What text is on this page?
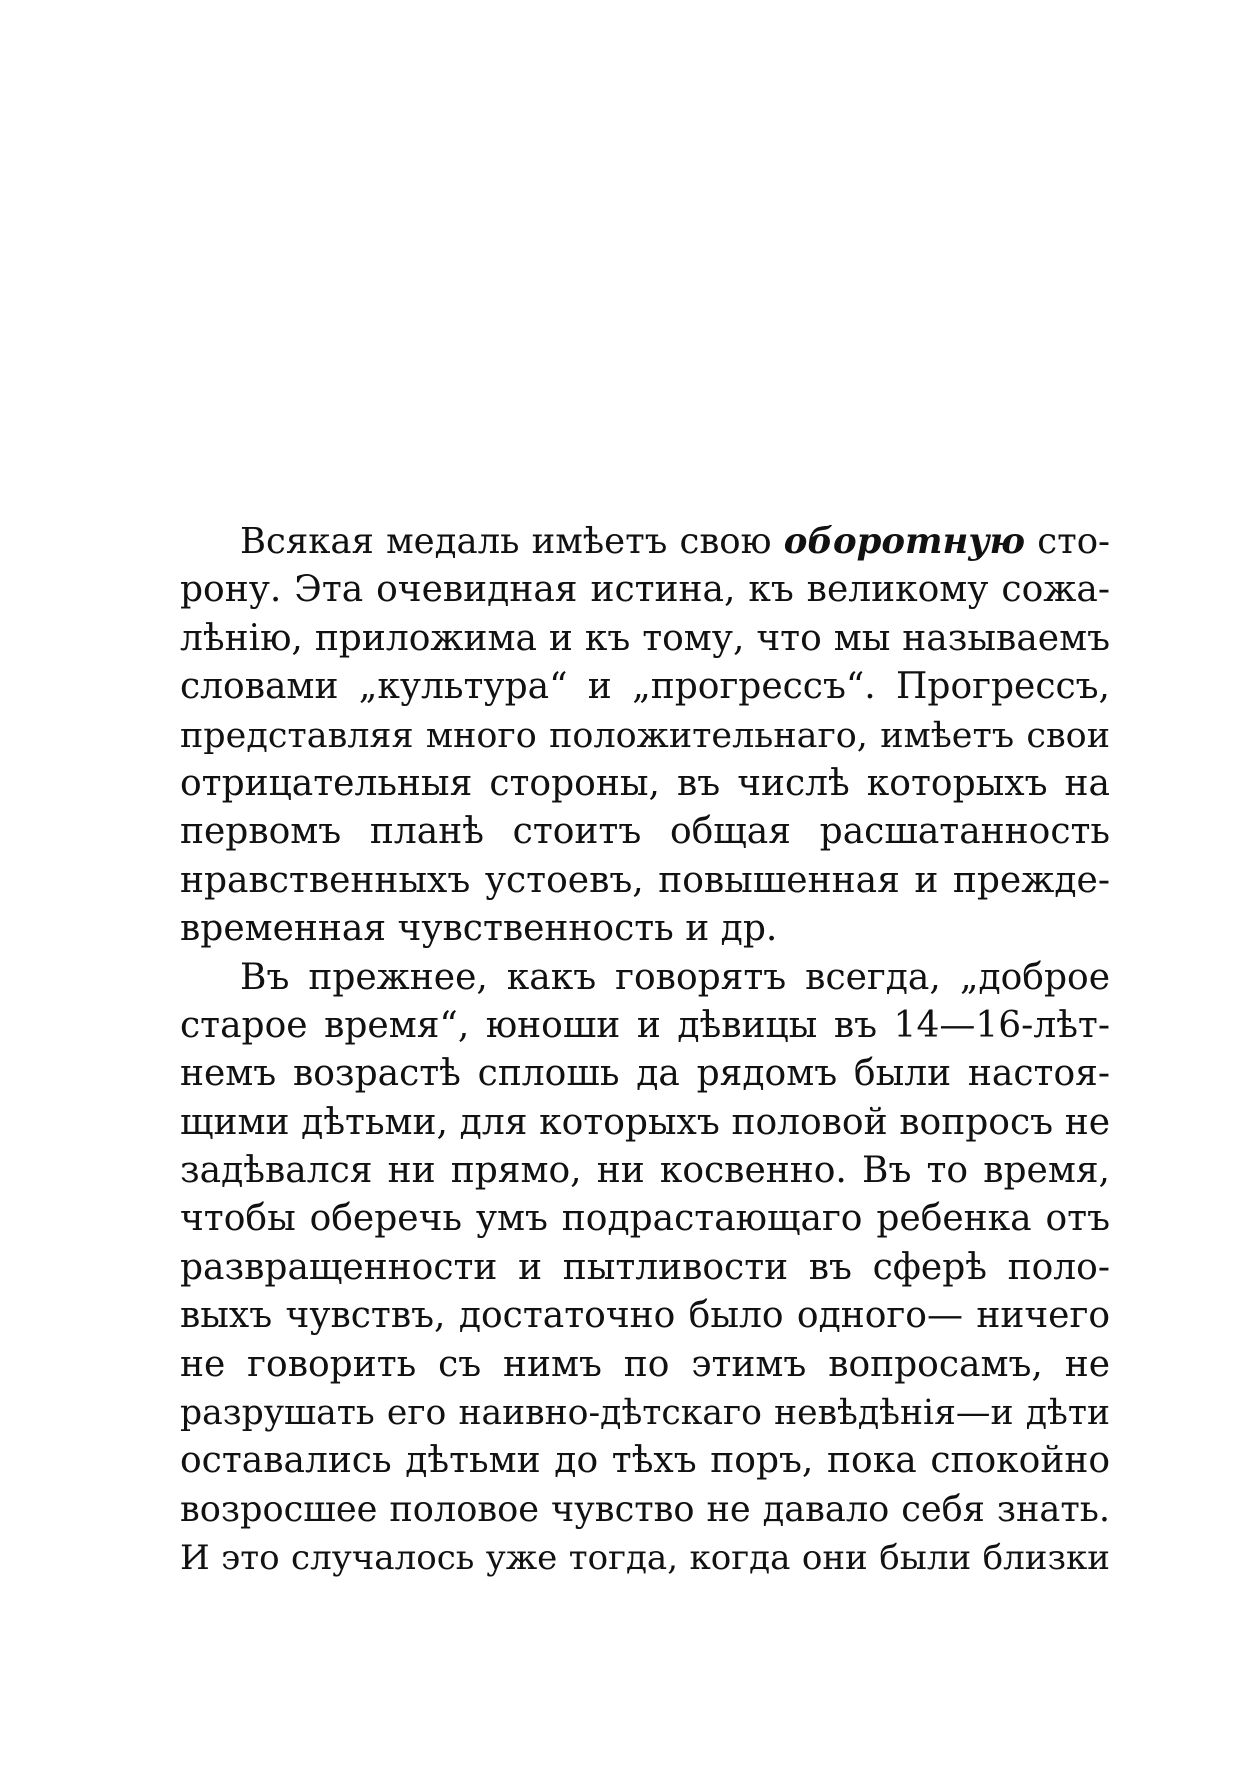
Всякая медаль имѣетъ свою оборотную сто-
рону. Эта очевидная истина, къ великому сожа-
лѣнію, приложима и къ тому, что мы называемъ
словами „культура“ и „прогрессъ“. Прогрессъ,
представляя много положительнаго, имѣетъ свои
отрицательныя стороны, въ числѣ которыхъ на
первомъ планѣ стоитъ общая расшатанность
нравственныхъ устоевъ, повышенная и прежде-
временная чувственность и др.
Въ прежнее, какъ говорятъ всегда, „доброе
старое время“, юноши и дѣвицы въ 14—16-лѣт-
немъ возрастѣ сплошь да рядомъ были настоя-
щими дѣтьми, для которыхъ половой вопросъ не
задѣвался ни прямо, ни косвенно. Въ то время,
чтобы оберечь умъ подрастающаго ребенка отъ
развращенности и пытливости въ сферѣ поло-
выхъ чувствъ, достаточно было одного— ничего
не говорить съ нимъ по этимъ вопросамъ, не
разрушать его наивно-дѣтскаго невѣдѣнія—и дѣти
оставались дѣтьми до тѣхъ поръ, пока спокойно
возросшее половое чувство не давало себя знать.
И это случалось уже тогда, когда они были близки
